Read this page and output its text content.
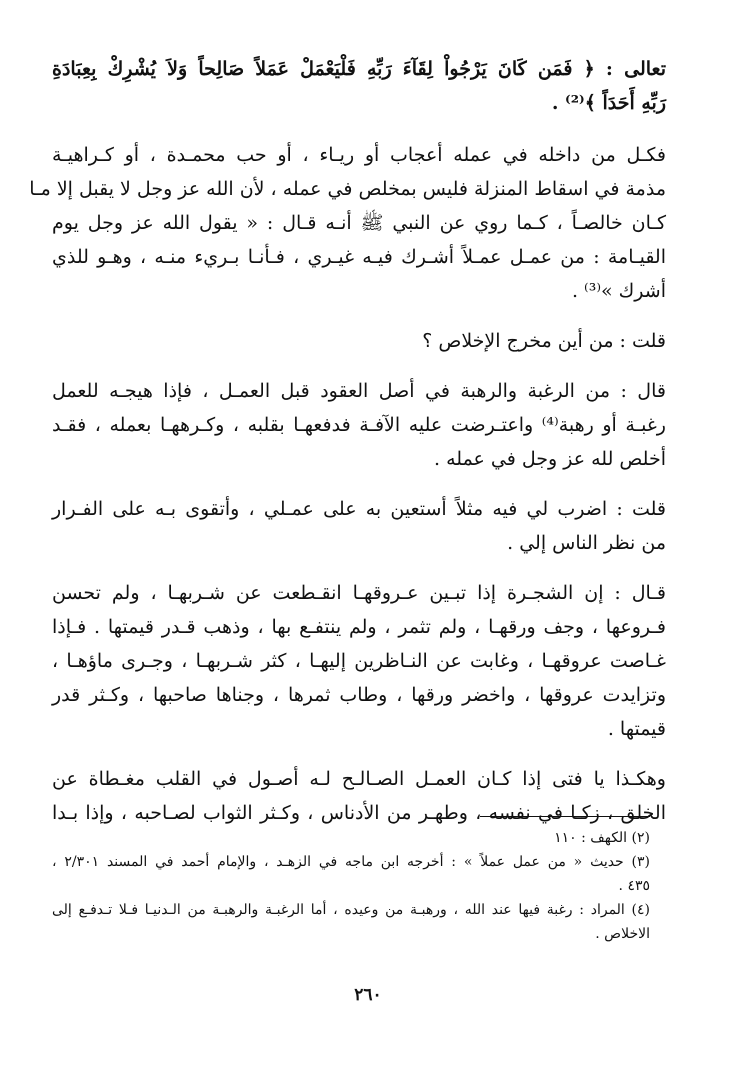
تعالى : ﴿ فَمَن كَانَ يَرْجُواْ لِقَآءَ رَبِّهِ فَلْيَعْمَلْ عَمَلاً صَالِحاً وَلاَ يُشْرِكْ بِعِبَادَةِ
رَبِّهِ أَحَدَاً ﴾⁽²⁾ .

فكـل من داخله في عمله أعجاب أو ريـاء ، أو حب محمـدة ، أو كـراهيـة
مذمة في اسقاط المنزلة فليس بمخلص في عمله ، لأن الله عز وجل لا يقبل إلا مـا
كـان خالصـاً ، كـما روي عن النبي ﷺ أنـه قـال : « يقول الله عز وجل يوم
القيـامة : من عمـل عمـلاً أشـرك فيـه غيـري ، فـأنـا بـريء منـه ، وهـو للذي
أشرك »⁽³⁾ .

قلت : من أين مخرج الإخلاص ؟

قال : من الرغبة والرهبة في أصل العقود قبل العمـل ، فإذا هيجـه للعمل
رغبـة أو رهبة⁽⁴⁾ واعتـرضت عليه الآفـة فدفعهـا بقلبه ، وكـرههـا بعمله ، فقـد
أخلص لله عز وجل في عمله .

قلت : اضرب لي فيه مثلاً أستعين به على عمـلي ، وأتقوى بـه على الفـرار
من نظر الناس إلي .

قـال : إن الشجـرة إذا تبـين عـروقهـا انقـطعت عن شـربهـا ، ولم تحسن
فـروعها ، وجف ورقهـا ، ولم تثمر ، ولم ينتفـع بها ، وذهب قـدر قيمتها . فـإذا
غـاصت عروقهـا ، وغابت عن النـاظرين إليهـا ، كثر شـربهـا ، وجـرى ماؤهـا ،
وتزايدت عروقها ، واخضر ورقها ، وطاب ثمرها ، وجناها صاحبها ، وكـثر قدر
قيمتها .

وهكـذا يا فتى إذا كـان العمـل الصـالـح لـه أصـول في القلب مغـطاة عن
الخلق ، زكـا في نفسه ، وطهـر من الأدناس ، وكـثر الثواب لصـاحبه ، وإذا بـدا

(٢) الكهف : ١١٠

(٣) حديث « من عمل عملاً » : أخرجه ابن ماجه في الزهـد ، والإمام أحمد في المسند ٢/٣٠١ ،
٤٣٥ .

(٤) المراد : رغبة فيها عند الله ، ورهبـة من وعيده ، أما الرغبـة والرهبـة من الـدنيـا فـلا تـدفـع إلى
الاخلاص .

٢٦٠
